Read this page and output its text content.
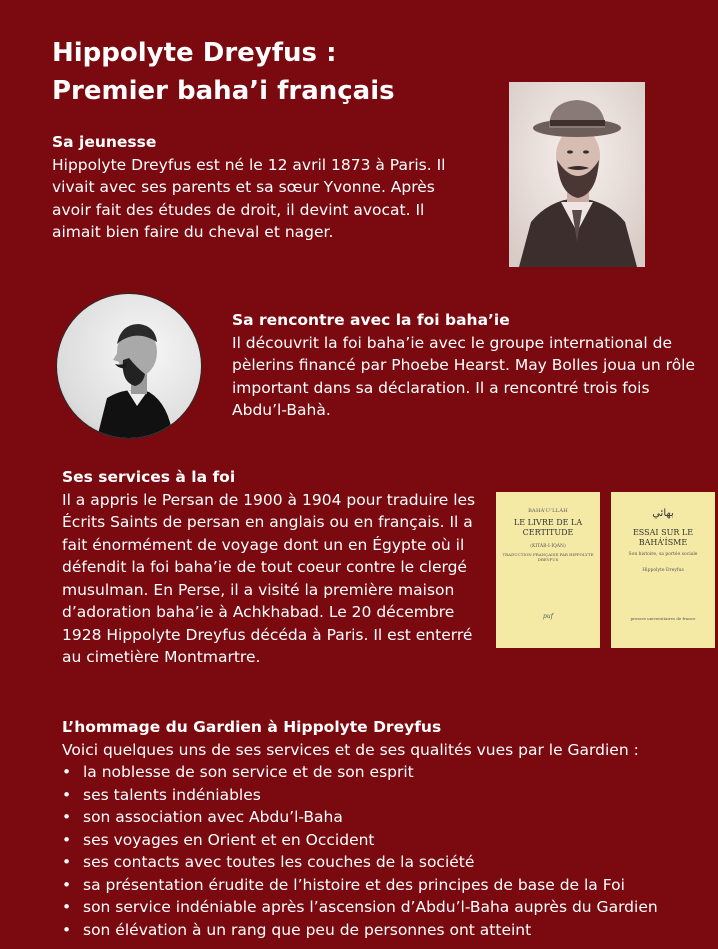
Hippolyte Dreyfus :
Premier baha’i français
Sa jeunesse

Hippolyte Dreyfus est né le 12 avril 1873 à Paris. Il vivait avec ses parents et sa sœur Yvonne. Après avoir fait des études de droit, il devint avocat. Il aimait bien faire du cheval et nager.

Sa rencontre avec la foi baha’ie

Il découvrit la foi baha’ie avec le groupe international de pèlerins financé par Phoebe Hearst. May Bolles joua un rôle important dans sa déclaration. Il a rencontré trois fois Abdu’l-Bahà.

Ses services à la foi

Il a appris le Persan de 1900 à 1904 pour traduire les Écrits Saints de persan en anglais ou en français. Il a fait énormément de voyage dont un en Égypte où il défendit la foi baha’ie de tout coeur contre le clergé musulman. En Perse, il a visité la première maison d’adoration baha’ie à Achkhabad. Le 20 décembre 1928 Hippolyte Dreyfus décéda à Paris. Il est enterré au cimetière Montmartre.

BAHÁ’U’LLÁH
LE LIVRE DE LA CERTITUDE
(KITÁB-I-ÍQÁN)
TRADUCTION FRANÇAISE PAR HIPPOLYTE DREYFUS
puf
بهائي
ESSAI SUR LE BAHÁ’ÍSME
Son histoire, sa portée sociale
Hippolyte Dreyfus
presses universitaires de france
L’hommage du Gardien à Hippolyte Dreyfus

Voici quelques uns de ses services et de ses qualités vues par le Gardien :

• la noblesse de son service et de son esprit
• ses talents indéniables
• son association avec Abdu’l-Baha
• ses voyages en Orient et en Occident
• ses contacts avec toutes les couches de la société
• sa présentation érudite de l’histoire et des principes de base de la Foi
• son service indéniable après l’ascension d’Abdu’l-Baha auprès du Gardien
• son élévation à un rang que peu de personnes ont atteint
